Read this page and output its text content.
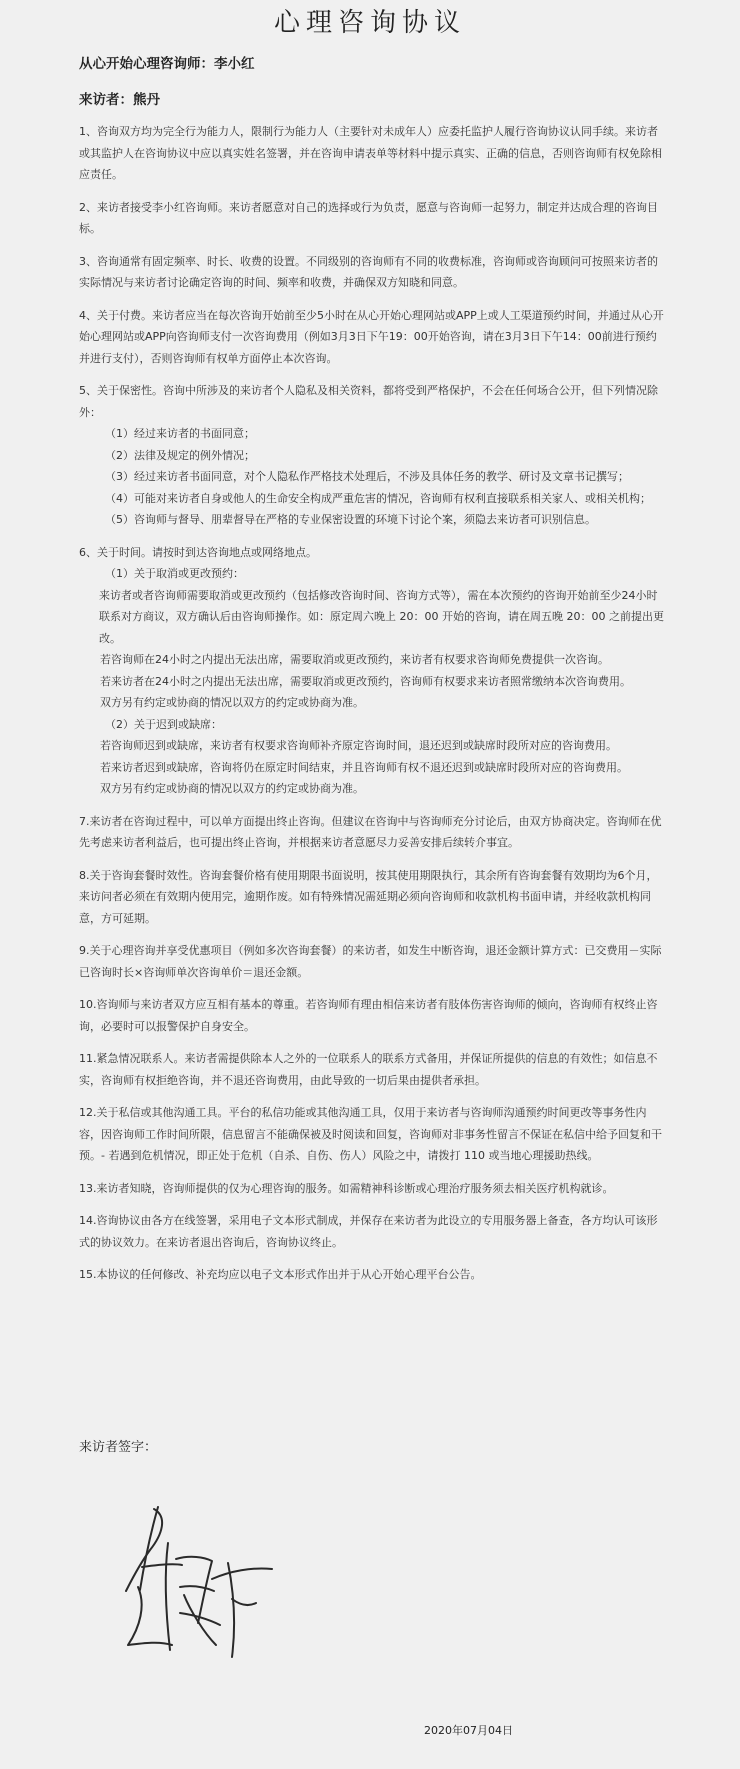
心理咨询协议
从心开始心理咨询师：李小红
来访者：熊丹

1、咨询双方均为完全行为能力人，限制行为能力人（主要针对未成年人）应委托监护人履行咨询协议认同手续。来访者或其监护人在咨询协议中应以真实姓名签署，并在咨询申请表单等材料中提示真实、正确的信息，否则咨询师有权免除相应责任。

2、来访者接受李小红咨询师。来访者愿意对自己的选择或行为负责，愿意与咨询师一起努力，制定并达成合理的咨询目标。

3、咨询通常有固定频率、时长、收费的设置。不同级别的咨询师有不同的收费标准，咨询师或咨询顾问可按照来访者的实际情况与来访者讨论确定咨询的时间、频率和收费，并确保双方知晓和同意。

4、关于付费。来访者应当在每次咨询开始前至少5小时在从心开始心理网站或APP上或人工渠道预约时间，并通过从心开始心理网站或APP向咨询师支付一次咨询费用（例如3月3日下午19：00开始咨询，请在3月3日下午14：00前进行预约并进行支付），否则咨询师有权单方面停止本次咨询。

5、关于保密性。咨询中所涉及的来访者个人隐私及相关资料，都将受到严格保护，不会在任何场合公开，但下列情况除外：
（1）经过来访者的书面同意；
（2）法律及规定的例外情况；
（3）经过来访者书面同意，对个人隐私作严格技术处理后，不涉及具体任务的教学、研讨及文章书记撰写；
（4）可能对来访者自身或他人的生命安全构成严重危害的情况，咨询师有权利直接联系相关家人、或相关机构；
（5）咨询师与督导、朋辈督导在严格的专业保密设置的环境下讨论个案，须隐去来访者可识别信息。
6、关于时间。请按时到达咨询地点或网络地点。
（1）关于取消或更改预约：
来访者或者咨询师需要取消或更改预约（包括修改咨询时间、咨询方式等），需在本次预约的咨询开始前至少24小时联系对方商议，双方确认后由咨询师操作。如：原定周六晚上 20：00 开始的咨询，请在周五晚 20：00 之前提出更改。
若咨询师在24小时之内提出无法出席，需要取消或更改预约，来访者有权要求咨询师免费提供一次咨询。
若来访者在24小时之内提出无法出席，需要取消或更改预约，咨询师有权要求来访者照常缴纳本次咨询费用。
双方另有约定或协商的情况以双方的约定或协商为准。
（2）关于迟到或缺席：
若咨询师迟到或缺席，来访者有权要求咨询师补齐原定咨询时间，退还迟到或缺席时段所对应的咨询费用。
若来访者迟到或缺席，咨询将仍在原定时间结束，并且咨询师有权不退还迟到或缺席时段所对应的咨询费用。
双方另有约定或协商的情况以双方的约定或协商为准。

7.来访者在咨询过程中，可以单方面提出终止咨询。但建议在咨询中与咨询师充分讨论后，由双方协商决定。咨询师在优先考虑来访者利益后，也可提出终止咨询，并根据来访者意愿尽力妥善安排后续转介事宜。

8.关于咨询套餐时效性。咨询套餐价格有使用期限书面说明，按其使用期限执行，其余所有咨询套餐有效期均为6个月，来访问者必须在有效期内使用完，逾期作废。如有特殊情况需延期必须向咨询师和收款机构书面申请，并经收款机构同意，方可延期。

9.关于心理咨询并享受优惠项目（例如多次咨询套餐）的来访者，如发生中断咨询，退还金额计算方式：已交费用－实际已咨询时长×咨询师单次咨询单价＝退还金额。

10.咨询师与来访者双方应互相有基本的尊重。若咨询师有理由相信来访者有肢体伤害咨询师的倾向，咨询师有权终止咨询，必要时可以报警保护自身安全。

11.紧急情况联系人。来访者需提供除本人之外的一位联系人的联系方式备用，并保证所提供的信息的有效性；如信息不实，咨询师有权拒绝咨询，并不退还咨询费用，由此导致的一切后果由提供者承担。

12.关于私信或其他沟通工具。平台的私信功能或其他沟通工具，仅用于来访者与咨询师沟通预约时间更改等事务性内容，因咨询师工作时间所限，信息留言不能确保被及时阅读和回复，咨询师对非事务性留言不保证在私信中给予回复和干预。- 若遇到危机情况，即正处于危机（自杀、自伤、伤人）风险之中，请拨打 110 或当地心理援助热线。

13.来访者知晓，咨询师提供的仅为心理咨询的服务。如需精神科诊断或心理治疗服务须去相关医疗机构就诊。

14.咨询协议由各方在线签署，采用电子文本形式制成，并保存在来访者为此设立的专用服务器上备查，各方均认可该形式的协议效力。在来访者退出咨询后，咨询协议终止。

15.本协议的任何修改、补充均应以电子文本形式作出并于从心开始心理平台公告。

来访者签字：
2020年07月04日
